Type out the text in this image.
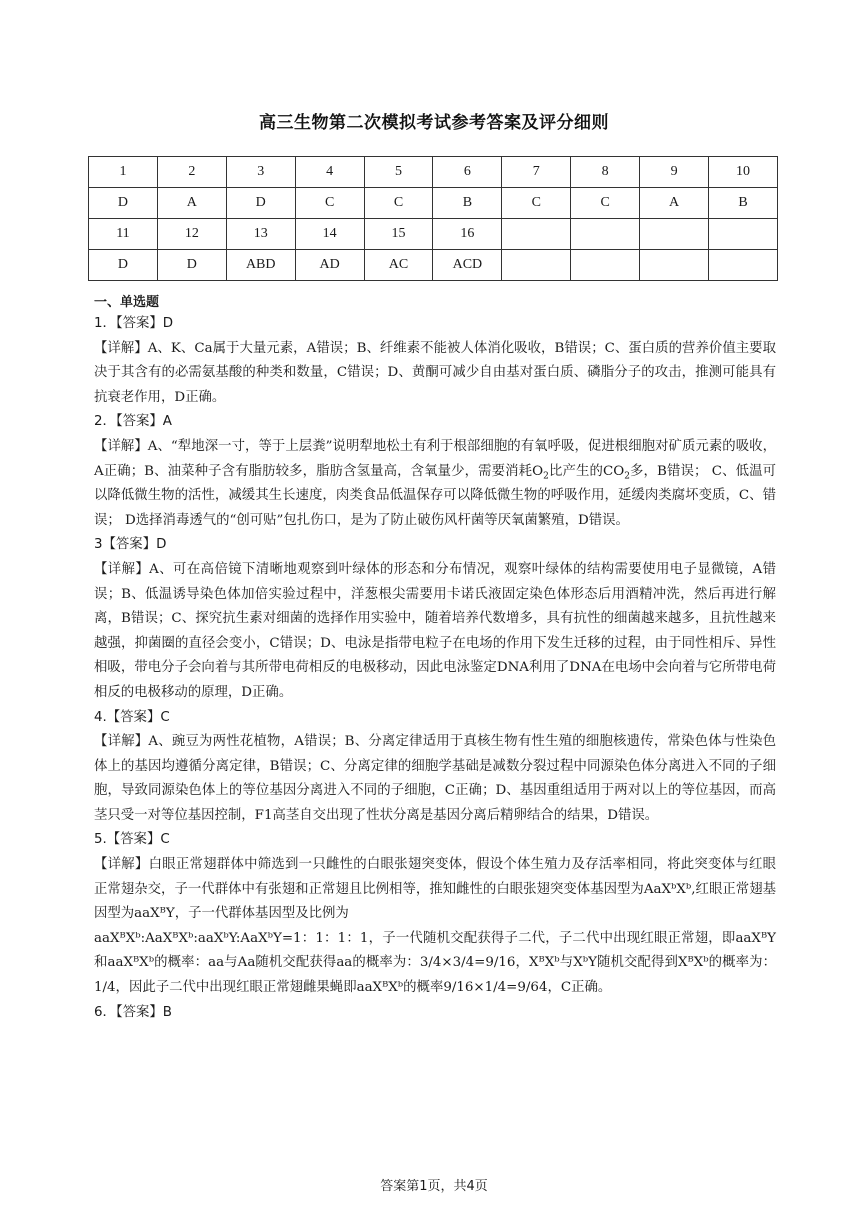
高三生物第二次模拟考试参考答案及评分细则
1	2	3	4	5	6	7	8	9	10
D	A	D	C	C	B	C	C	A	B
11	12	13	14	15	16				
D	D	ABD	AD	AC	ACD				
一、单选题

1．【答案】D

【详解】A、K、Ca属于大量元素，A错误；B、纤维素不能被人体消化吸收，B错误；C、蛋白质的营养价值主要取决于其含有的必需氨基酸的种类和数量，C错误；D、黄酮可减少自由基对蛋白质、磷脂分子的攻击，推测可能具有抗衰老作用，D正确。

2．【答案】A

【详解】A、“犁地深一寸，等于上层粪”说明犁地松土有利于根部细胞的有氧呼吸，促进根细胞对矿质元素的吸收，A正确；B、油菜种子含有脂肪较多，脂肪含氢量高，含氧量少，需要消耗$O_2$比产生的$CO_2$多，B错误； C、低温可以降低微生物的活性，减缓其生长速度，肉类食品低温保存可以降低微生物的呼吸作用，延缓肉类腐坏变质，C、错误； D选择消毒透气的“创可贴”包扎伤口，是为了防止破伤风杆菌等厌氧菌繁殖，D错误。

3【答案】D

【详解】A、可在高倍镜下清晰地观察到叶绿体的形态和分布情况，观察叶绿体的结构需要使用电子显微镜，A错误；B、低温诱导染色体加倍实验过程中，洋葱根尖需要用卡诺氏液固定染色体形态后用酒精冲洗，然后再进行解离，B错误；C、探究抗生素对细菌的选择作用实验中，随着培养代数增多，具有抗性的细菌越来越多，且抗性越来越强，抑菌圈的直径会变小，C错误；D、电泳是指带电粒子在电场的作用下发生迁移的过程，由于同性相斥、异性相吸，带电分子会向着与其所带电荷相反的电极移动，因此电泳鉴定DNA利用了DNA在电场中会向着与它所带电荷相反的电极移动的原理，D正确。

4.【答案】C

【详解】A、豌豆为两性花植物，A错误；B、分离定律适用于真核生物有性生殖的细胞核遗传，常染色体与性染色体上的基因均遵循分离定律，B错误；C、分离定律的细胞学基础是减数分裂过程中同源染色体分离进入不同的子细胞，导致同源染色体上的等位基因分离进入不同的子细胞，C正确；D、基因重组适用于两对以上的等位基因，而高茎只受一对等位基因控制，F1高茎自交出现了性状分离是基因分离后精卵结合的结果，D错误。

5.【答案】C

【详解】白眼正常翅群体中筛选到一只雌性的白眼张翅突变体，假设个体生殖力及存活率相同，将此突变体与红眼正常翅杂交，子一代群体中有张翅和正常翅且比例相等，推知雌性的白眼张翅突变体基因型为AaXᵇXᵇ,红眼正常翅基因型为aaXᴮY，子一代群体基因型及比例为

aaXᴮXᵇ:AaXᴮXᵇ:aaXᵇY:AaXᵇY=1：1：1：1，子一代随机交配获得子二代，子二代中出现红眼正常翅，即aaXᴮY和aaXᴮXᵇ的概率：aa与Aa随机交配获得aa的概率为：3/4×3/4=9/16，XᴮXᵇ与XᵇY随机交配得到XᴮXᵇ的概率为：1/4，因此子二代中出现红眼正常翅雌果蝇即aaXᴮXᵇ的概率9/16×1/4=9/64，C正确。

6．【答案】B

答案第1页，共4页
